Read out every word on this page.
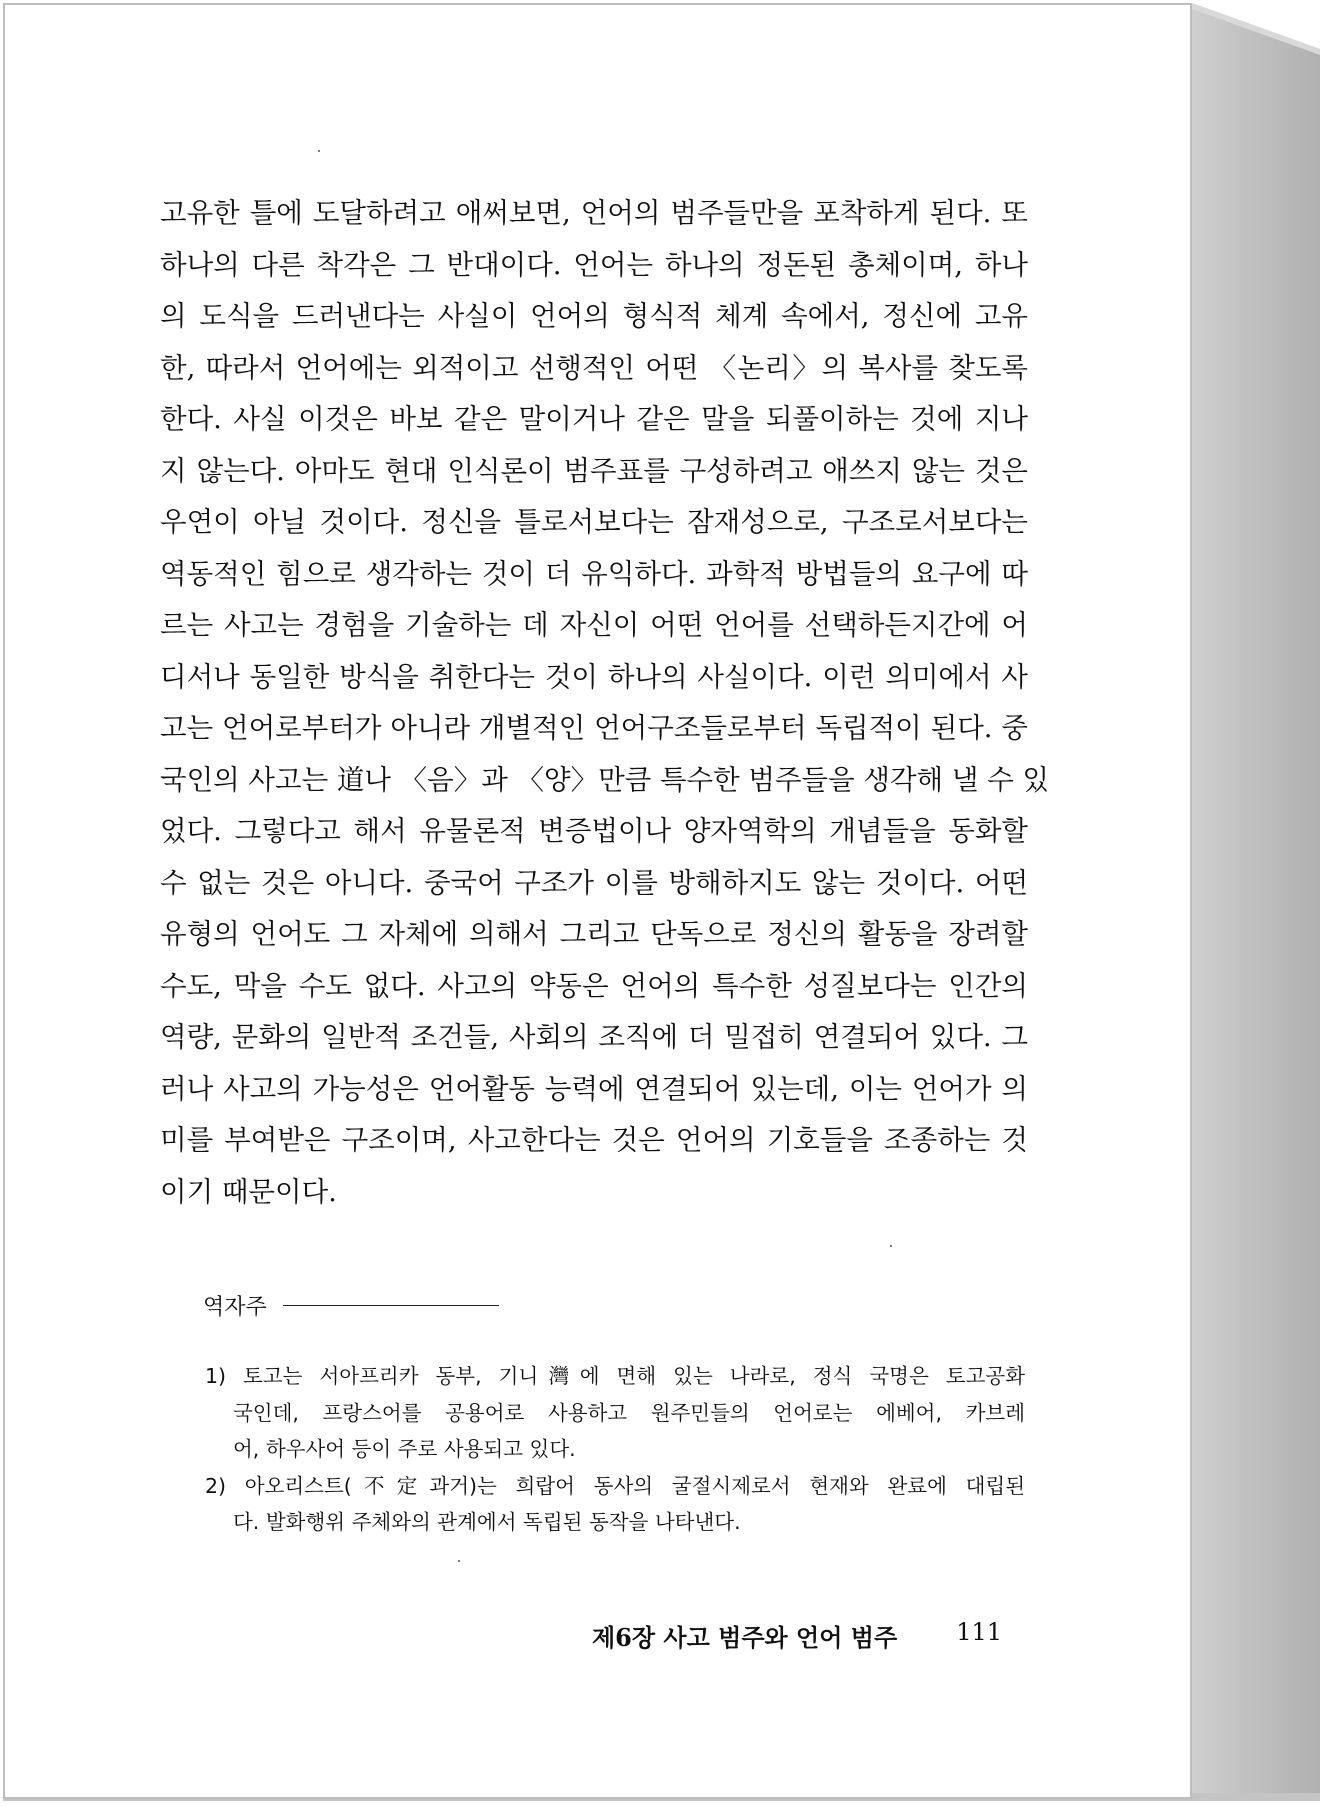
고유한 틀에 도달하려고 애써보면, 언어의 범주들만을 포착하게 된다. 또
하나의 다른 착각은 그 반대이다. 언어는 하나의 정돈된 총체이며, 하나
의 도식을 드러낸다는 사실이 언어의 형식적 체계 속에서, 정신에 고유
한, 따라서 언어에는 외적이고 선행적인 어떤 〈논리〉의 복사를 찾도록
한다. 사실 이것은 바보 같은 말이거나 같은 말을 되풀이하는 것에 지나
지 않는다. 아마도 현대 인식론이 범주표를 구성하려고 애쓰지 않는 것은
우연이 아닐 것이다. 정신을 틀로서보다는 잠재성으로, 구조로서보다는
역동적인 힘으로 생각하는 것이 더 유익하다. 과학적 방법들의 요구에 따
르는 사고는 경험을 기술하는 데 자신이 어떤 언어를 선택하든지간에 어
디서나 동일한 방식을 취한다는 것이 하나의 사실이다. 이런 의미에서 사
고는 언어로부터가 아니라 개별적인 언어구조들로부터 독립적이 된다. 중
국인의 사고는 道나 〈음〉과 〈양〉만큼 특수한 범주들을 생각해 낼 수 있
었다. 그렇다고 해서 유물론적 변증법이나 양자역학의 개념들을 동화할
수 없는 것은 아니다. 중국어 구조가 이를 방해하지도 않는 것이다. 어떤
유형의 언어도 그 자체에 의해서 그리고 단독으로 정신의 활동을 장려할
수도, 막을 수도 없다. 사고의 약동은 언어의 특수한 성질보다는 인간의
역량, 문화의 일반적 조건들, 사회의 조직에 더 밀접히 연결되어 있다. 그
러나 사고의 가능성은 언어활동 능력에 연결되어 있는데, 이는 언어가 의
미를 부여받은 구조이며, 사고한다는 것은 언어의 기호들을 조종하는 것
이기 때문이다.
역자주
1) 토고는 서아프리카 동부, 기니灣에 면해 있는 나라로, 정식 국명은 토고공화
국인데, 프랑스어를 공용어로 사용하고 원주민들의 언어로는 에베어, 카브레
어, 하우사어 등이 주로 사용되고 있다.
2) 아오리스트(不定과거)는 희랍어 동사의 굴절시제로서 현재와 완료에 대립된
다. 발화행위 주체와의 관계에서 독립된 동작을 나타낸다.
제6장 사고 범주와 언어 범주 111
